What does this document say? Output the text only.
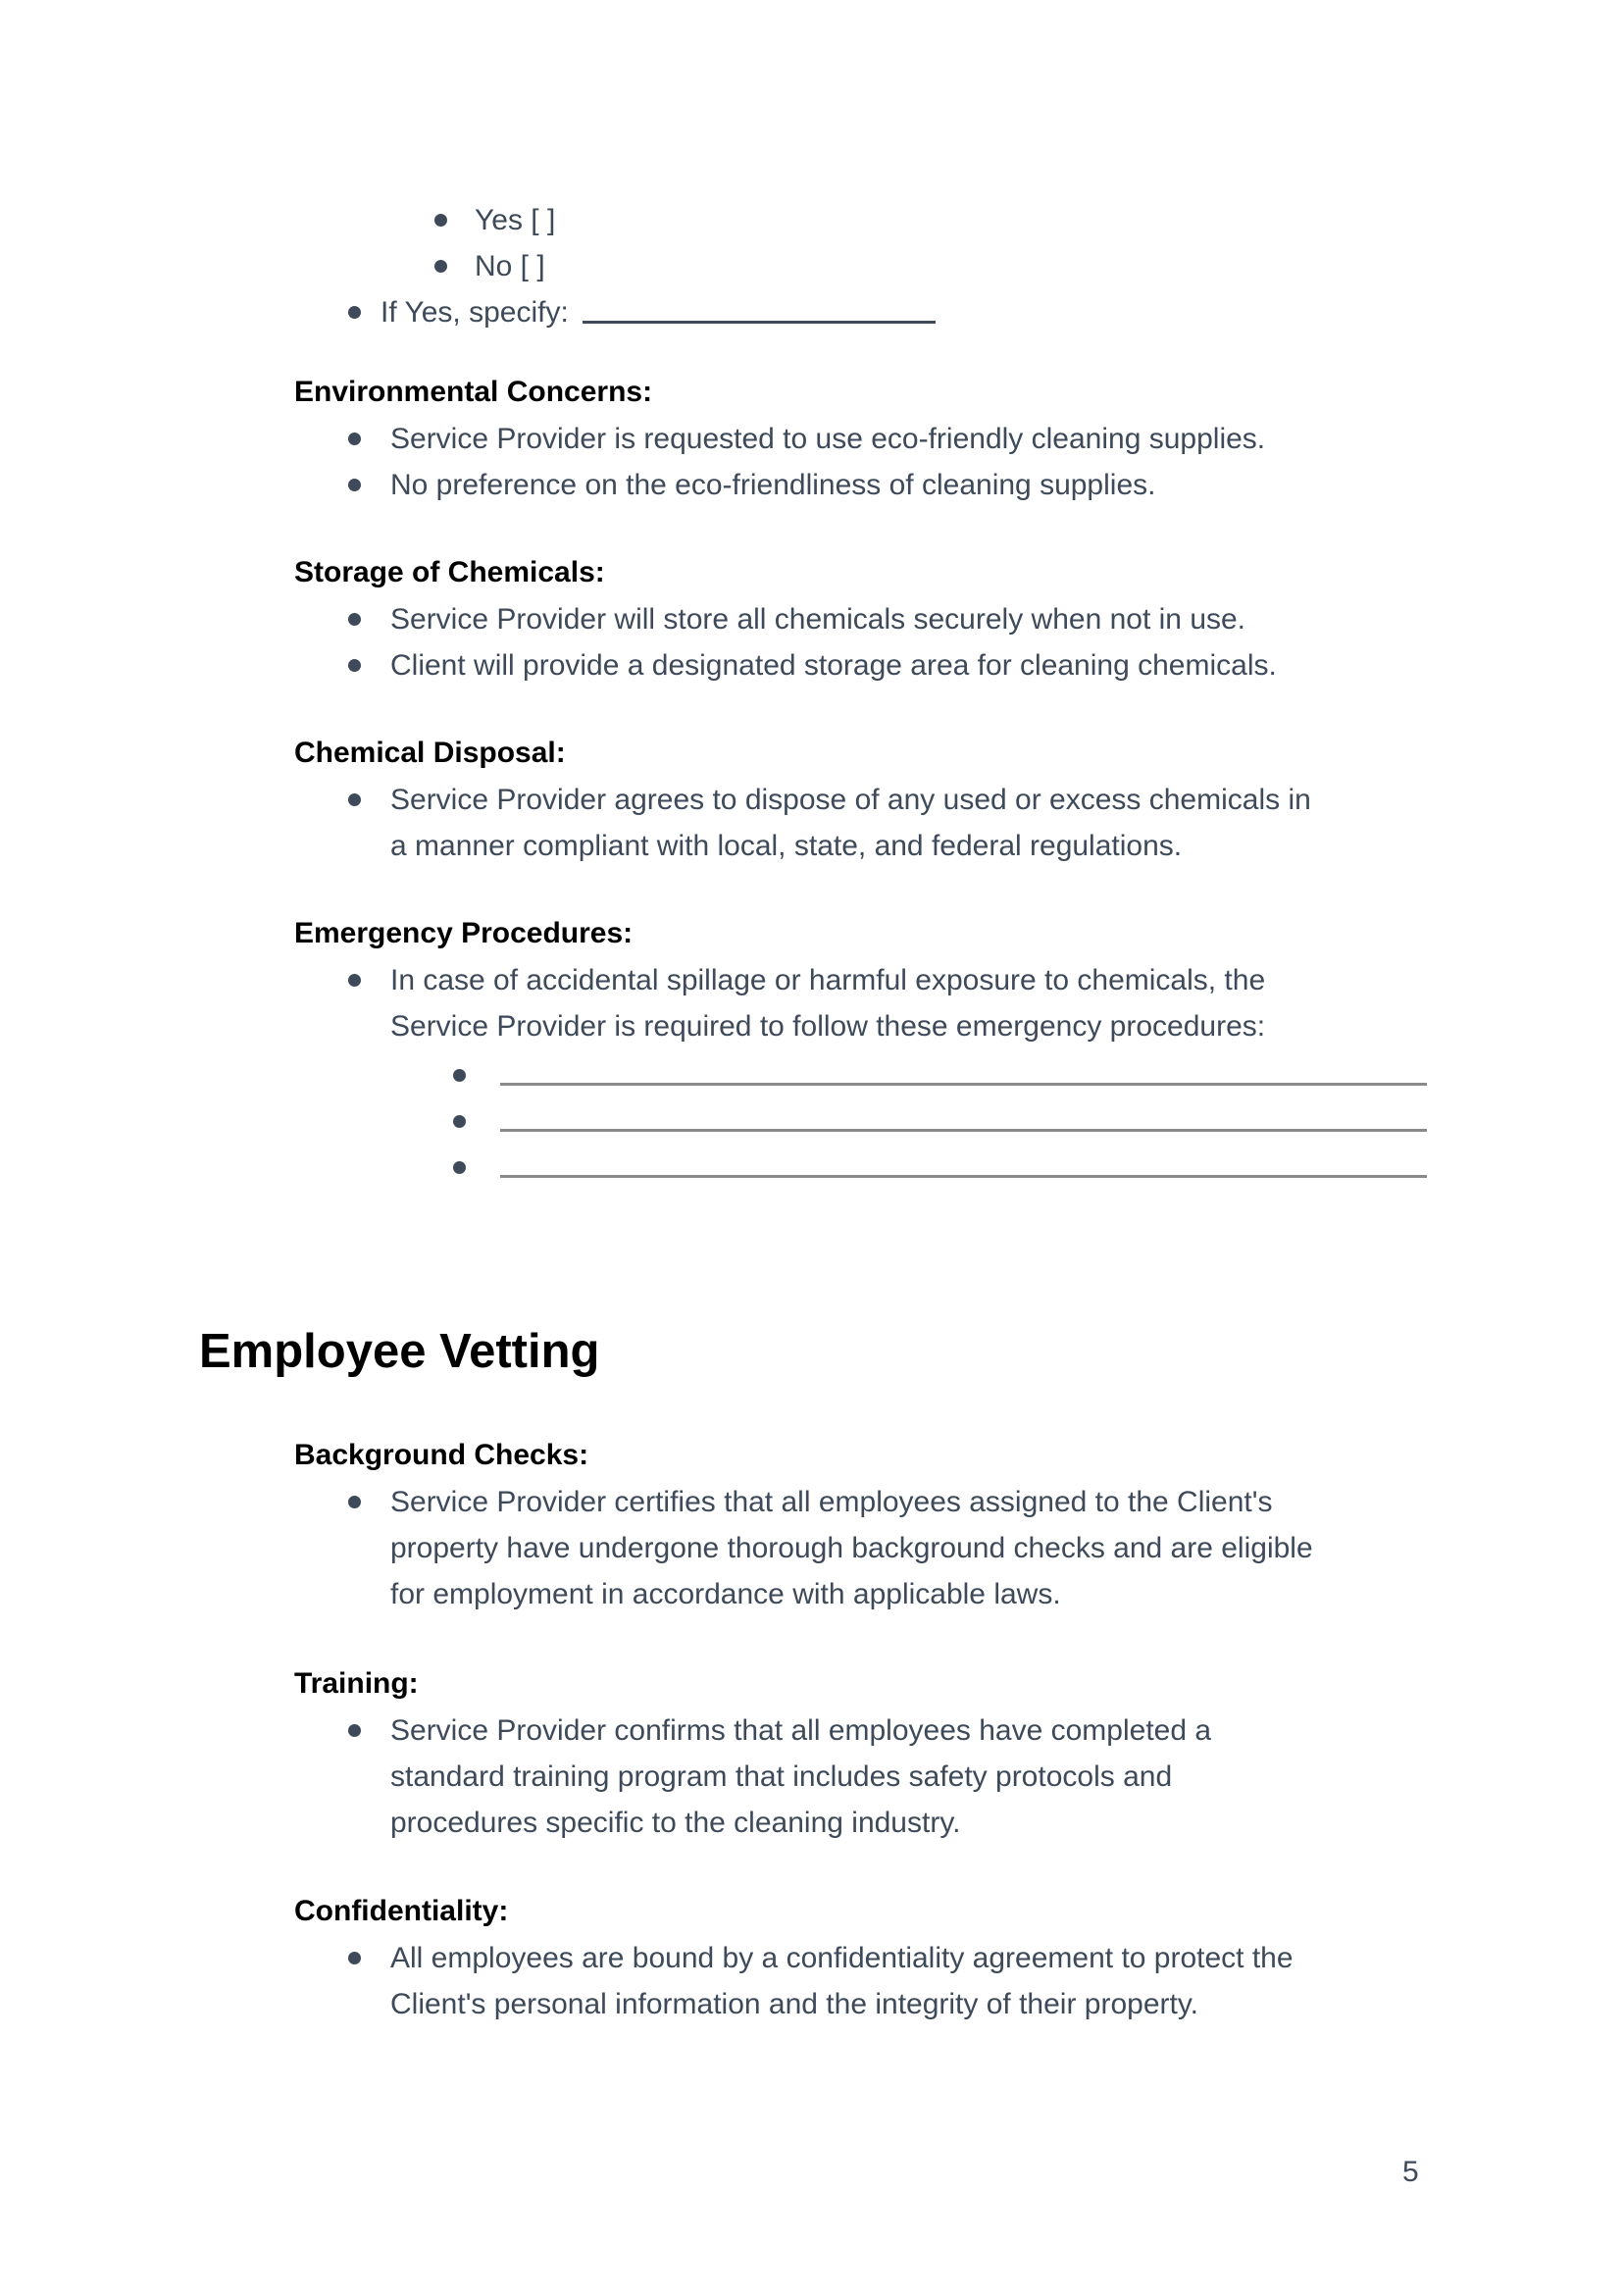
Yes [ ]
No [ ]
If Yes, specify:
Environmental Concerns:
Service Provider is requested to use eco-friendly cleaning supplies.
No preference on the eco-friendliness of cleaning supplies.
Storage of Chemicals:
Service Provider will store all chemicals securely when not in use.
Client will provide a designated storage area for cleaning chemicals.
Chemical Disposal:
Service Provider agrees to dispose of any used or excess chemicals in
a manner compliant with local, state, and federal regulations.
Emergency Procedures:
In case of accidental spillage or harmful exposure to chemicals, the
Service Provider is required to follow these emergency procedures:
Employee Vetting
Background Checks:
Service Provider certifies that all employees assigned to the Client's
property have undergone thorough background checks and are eligible
for employment in accordance with applicable laws.
Training:
Service Provider confirms that all employees have completed a
standard training program that includes safety protocols and
procedures specific to the cleaning industry.
Confidentiality:
All employees are bound by a confidentiality agreement to protect the
Client's personal information and the integrity of their property.
5
